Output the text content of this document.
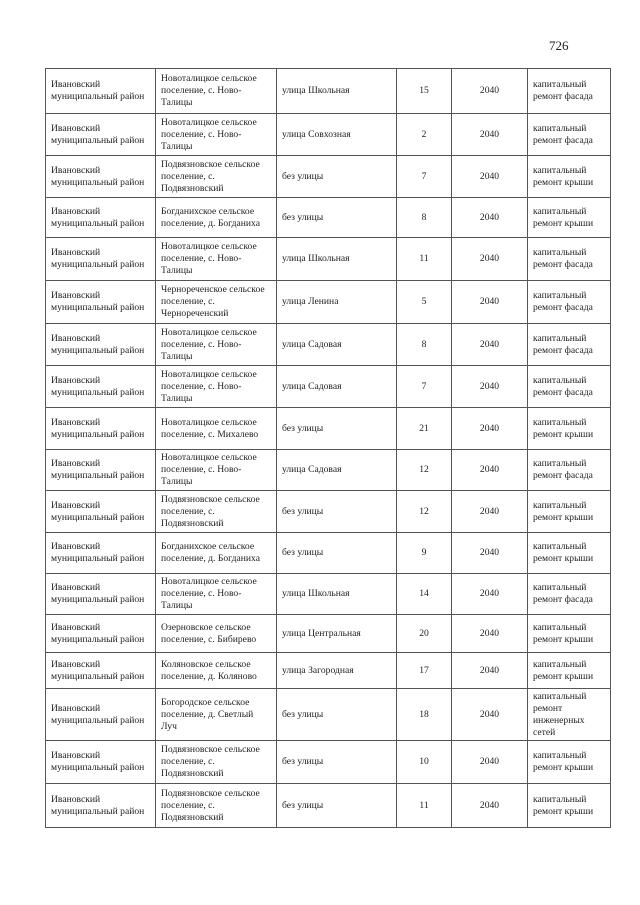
726
Ивановский муниципальный район	Новоталицкое сельское поселение, с. Ново-Талицы	улица Школьная	15	2040	капитальный ремонт фасада
Ивановский муниципальный район	Новоталицкое сельское поселение, с. Ново-Талицы	улица Совхозная	2	2040	капитальный ремонт фасада
Ивановский муниципальный район	Подвязновское сельское поселение, с. Подвязновский	без улицы	7	2040	капитальный ремонт крыши
Ивановский муниципальный район	Богданихское сельское поселение, д. Богданиха	без улицы	8	2040	капитальный ремонт крыши
Ивановский муниципальный район	Новоталицкое сельское поселение, с. Ново-Талицы	улица Школьная	11	2040	капитальный ремонт фасада
Ивановский муниципальный район	Чернореченское сельское поселение, с. Чернореченский	улица Ленина	5	2040	капитальный ремонт фасада
Ивановский муниципальный район	Новоталицкое сельское поселение, с. Ново-Талицы	улица Садовая	8	2040	капитальный ремонт фасада
Ивановский муниципальный район	Новоталицкое сельское поселение, с. Ново-Талицы	улица Садовая	7	2040	капитальный ремонт фасада
Ивановский муниципальный район	Новоталицкое сельское поселение, с. Михалево	без улицы	21	2040	капитальный ремонт крыши
Ивановский муниципальный район	Новоталицкое сельское поселение, с. Ново-Талицы	улица Садовая	12	2040	капитальный ремонт фасада
Ивановский муниципальный район	Подвязновское сельское поселение, с. Подвязновский	без улицы	12	2040	капитальный ремонт крыши
Ивановский муниципальный район	Богданихское сельское поселение, д. Богданиха	без улицы	9	2040	капитальный ремонт крыши
Ивановский муниципальный район	Новоталицкое сельское поселение, с. Ново-Талицы	улица Школьная	14	2040	капитальный ремонт фасада
Ивановский муниципальный район	Озерновское сельское поселение, с. Бибирево	улица Центральная	20	2040	капитальный ремонт крыши
Ивановский муниципальный район	Коляновское сельское поселение, д. Коляново	улица Загородная	17	2040	капитальный ремонт крыши
Ивановский муниципальный район	Богородское сельское поселение, д. Светлый Луч	без улицы	18	2040	капитальный ремонт инженерных сетей
Ивановский муниципальный район	Подвязновское сельское поселение, с. Подвязновский	без улицы	10	2040	капитальный ремонт крыши
Ивановский муниципальный район	Подвязновское сельское поселение, с. Подвязновский	без улицы	11	2040	капитальный ремонт крыши
